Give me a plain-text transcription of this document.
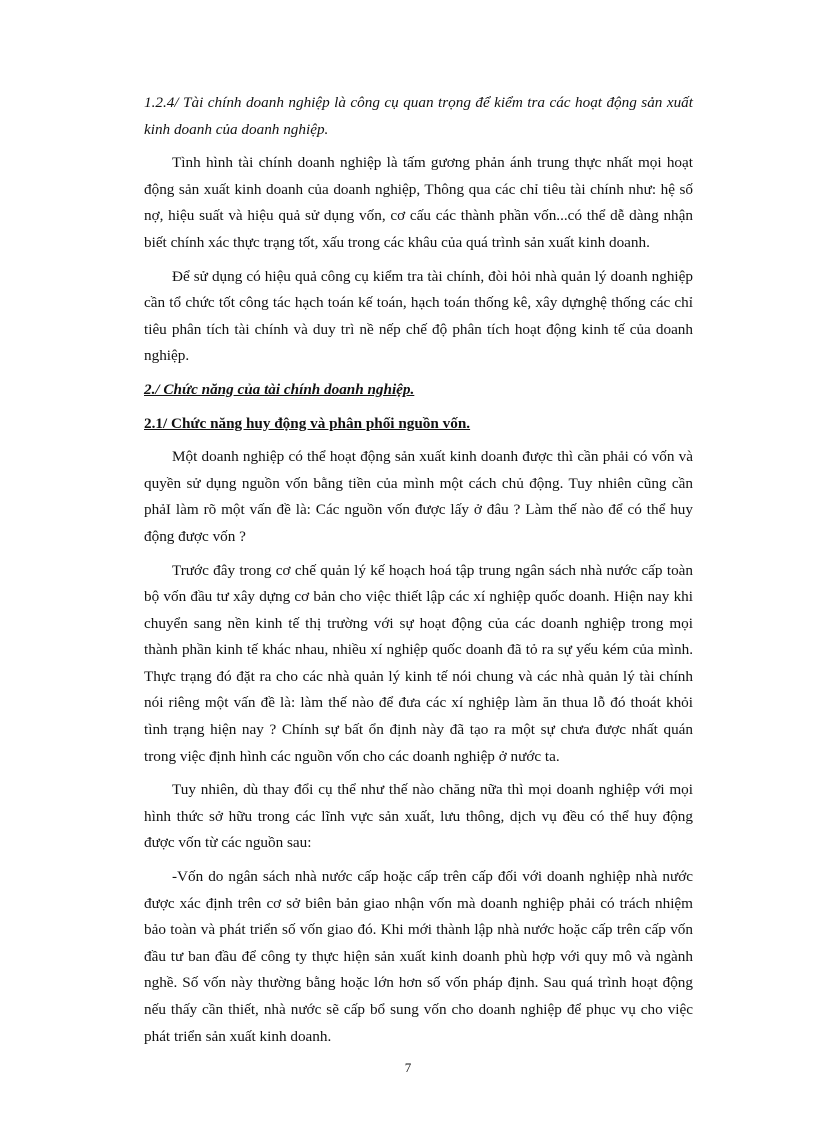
1.2.4/ Tài chính doanh nghiệp là công cụ quan trọng để kiểm tra các hoạt động sản xuất kinh doanh của doanh nghiệp.

Tình hình tài chính doanh nghiệp là tấm gương phản ánh trung thực nhất mọi hoạt động sản xuất kinh doanh của doanh nghiệp, Thông qua các chỉ tiêu tài chính như: hệ số nợ, hiệu suất và hiệu quả sử dụng vốn, cơ cấu các thành phần vốn...có thể dễ dàng nhận biết chính xác thực trạng tốt, xấu trong các khâu của quá trình sản xuất kinh doanh.

Để sử dụng có hiệu quả công cụ kiểm tra tài chính, đòi hỏi nhà quản lý doanh nghiệp cần tổ chức tốt công tác hạch toán kế toán, hạch toán thống kê, xây dựnghệ thống các chỉ tiêu phân tích tài chính và duy trì nề nếp chế độ phân tích hoạt động kinh tế của doanh nghiệp.

2./ Chức năng của tài chính doanh nghiệp.

2.1/ Chức năng huy động và phân phối nguồn vốn.

Một doanh nghiệp có thể hoạt động sản xuất kinh doanh được thì cần phải có vốn và quyền sử dụng nguồn vốn bằng tiền của mình một cách chủ động. Tuy nhiên cũng cần phảI làm rõ một vấn đề là: Các nguồn vốn được lấy ở đâu ? Làm thế nào để có thể huy động được vốn ?

Trước đây trong cơ chế quản lý kế hoạch hoá tập trung ngân sách nhà nước cấp toàn bộ vốn đầu tư xây dựng cơ bản cho việc thiết lập các xí nghiệp quốc doanh. Hiện nay khi chuyển sang nền kinh tế thị trường với sự hoạt động của các doanh nghiệp trong mọi thành phần kinh tế khác nhau, nhiều xí nghiệp quốc doanh đã tỏ ra sự yếu kém của mình. Thực trạng đó đặt ra cho các nhà quản lý kinh tế nói chung và các nhà quản lý tài chính nói riêng một vấn đề là: làm thế nào để đưa các xí nghiệp làm ăn thua lỗ đó thoát khỏi tình trạng hiện nay ? Chính sự bất ổn định này đã tạo ra một sự chưa được nhất quán trong việc định hình các nguồn vốn cho các doanh nghiệp ở nước ta.

Tuy nhiên, dù thay đổi cụ thể như thế nào chăng nữa thì mọi doanh nghiệp với mọi hình thức sở hữu trong các lĩnh vực sản xuất, lưu thông, dịch vụ đều có thể huy động được vốn từ các nguồn sau:

-Vốn do ngân sách nhà nước cấp hoặc cấp trên cấp đối với doanh nghiệp nhà nước được xác định trên cơ sở biên bản giao nhận vốn mà doanh nghiệp phải có trách nhiệm bảo toàn và phát triển số vốn giao đó. Khi mới thành lập nhà nước hoặc cấp trên cấp vốn đầu tư ban đầu để công ty thực hiện sản xuất kinh doanh phù hợp với quy mô và ngành nghề. Số vốn này thường bằng hoặc lớn hơn số vốn pháp định. Sau quá trình hoạt động nếu thấy cần thiết, nhà nước sẽ cấp bổ sung vốn cho doanh nghiệp để phục vụ cho việc phát triển sản xuất kinh doanh.

7
